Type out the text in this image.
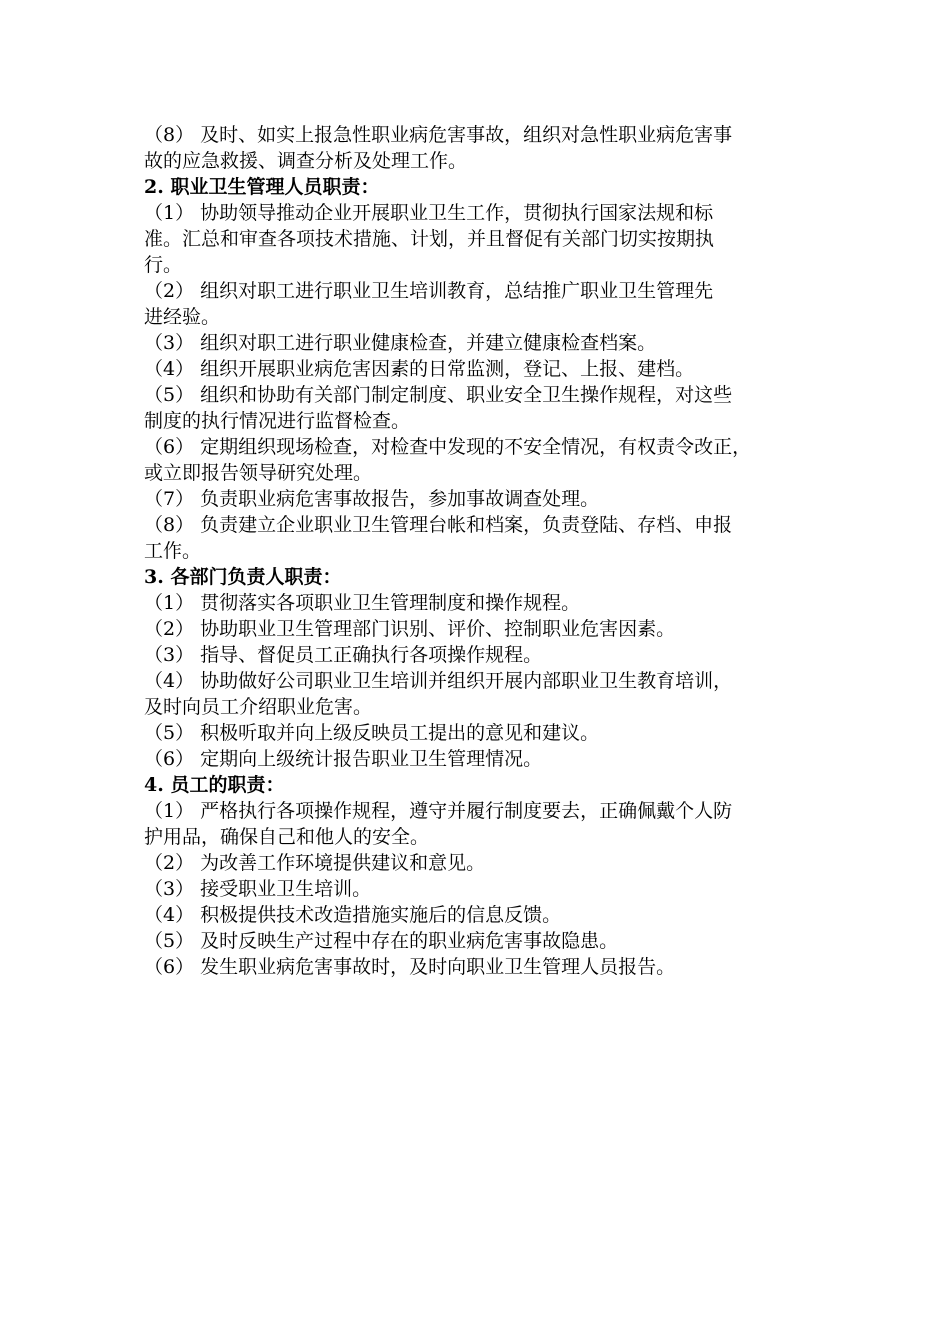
（8） 及时、如实上报急性职业病危害事故，组织对急性职业病危害事
故的应急救援、调查分析及处理工作。
2. 职业卫生管理人员职责：
（1） 协助领导推动企业开展职业卫生工作，贯彻执行国家法规和标
准。汇总和审查各项技术措施、计划，并且督促有关部门切实按期执
行。
（2） 组织对职工进行职业卫生培训教育，总结推广职业卫生管理先
进经验。
（3） 组织对职工进行职业健康检查，并建立健康检查档案。
（4） 组织开展职业病危害因素的日常监测，登记、上报、建档。
（5） 组织和协助有关部门制定制度、职业安全卫生操作规程，对这些
制度的执行情况进行监督检查。
（6） 定期组织现场检查，对检查中发现的不安全情况，有权责令改正，
或立即报告领导研究处理。
（7） 负责职业病危害事故报告，参加事故调查处理。
（8） 负责建立企业职业卫生管理台帐和档案，负责登陆、存档、申报
工作。
3. 各部门负责人职责：
（1） 贯彻落实各项职业卫生管理制度和操作规程。
（2） 协助职业卫生管理部门识别、评价、控制职业危害因素。
（3） 指导、督促员工正确执行各项操作规程。
（4） 协助做好公司职业卫生培训并组织开展内部职业卫生教育培训，
及时向员工介绍职业危害。
（5） 积极听取并向上级反映员工提出的意见和建议。
（6） 定期向上级统计报告职业卫生管理情况。
4. 员工的职责：
（1） 严格执行各项操作规程，遵守并履行制度要去，正确佩戴个人防
护用品，确保自己和他人的安全。
（2） 为改善工作环境提供建议和意见。
（3） 接受职业卫生培训。
（4） 积极提供技术改造措施实施后的信息反馈。
（5） 及时反映生产过程中存在的职业病危害事故隐患。
（6） 发生职业病危害事故时，及时向职业卫生管理人员报告。
